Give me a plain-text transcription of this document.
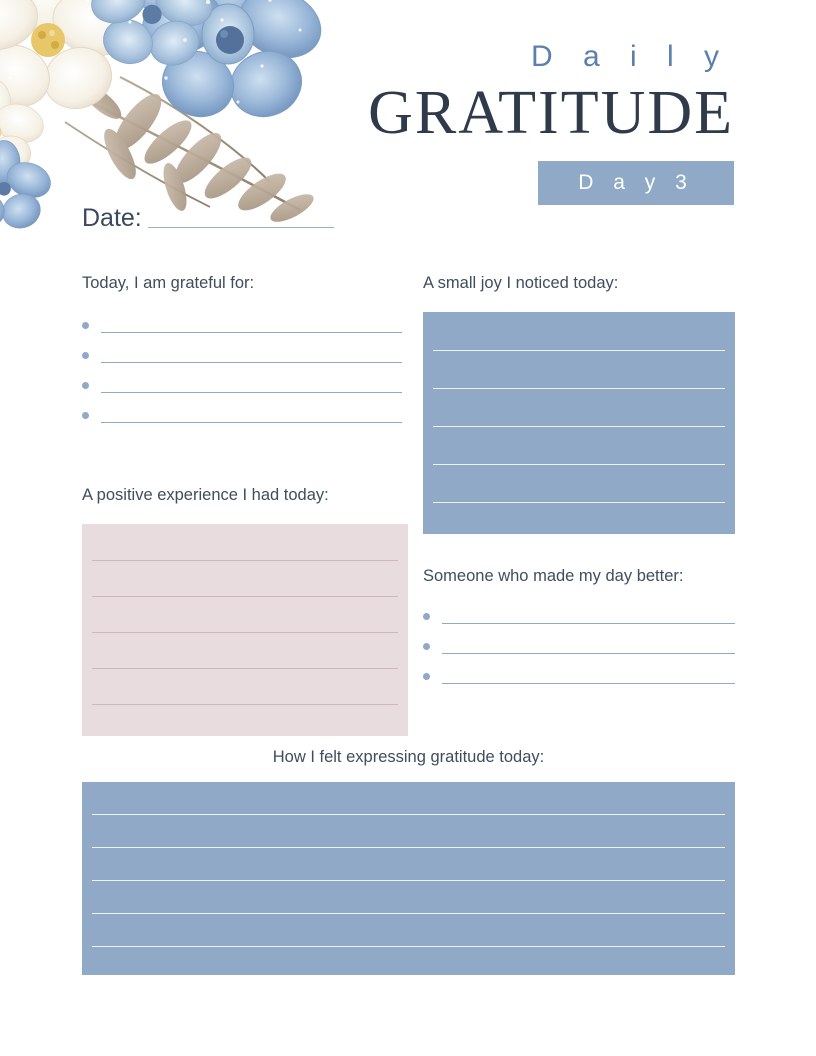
D a i l y
GRATITUDE
D a y 3
Date:
Today, I am grateful for:	A small joy I noticed today:
A positive experience I had today:
Someone who made my day better:
How I felt expressing gratitude today:
